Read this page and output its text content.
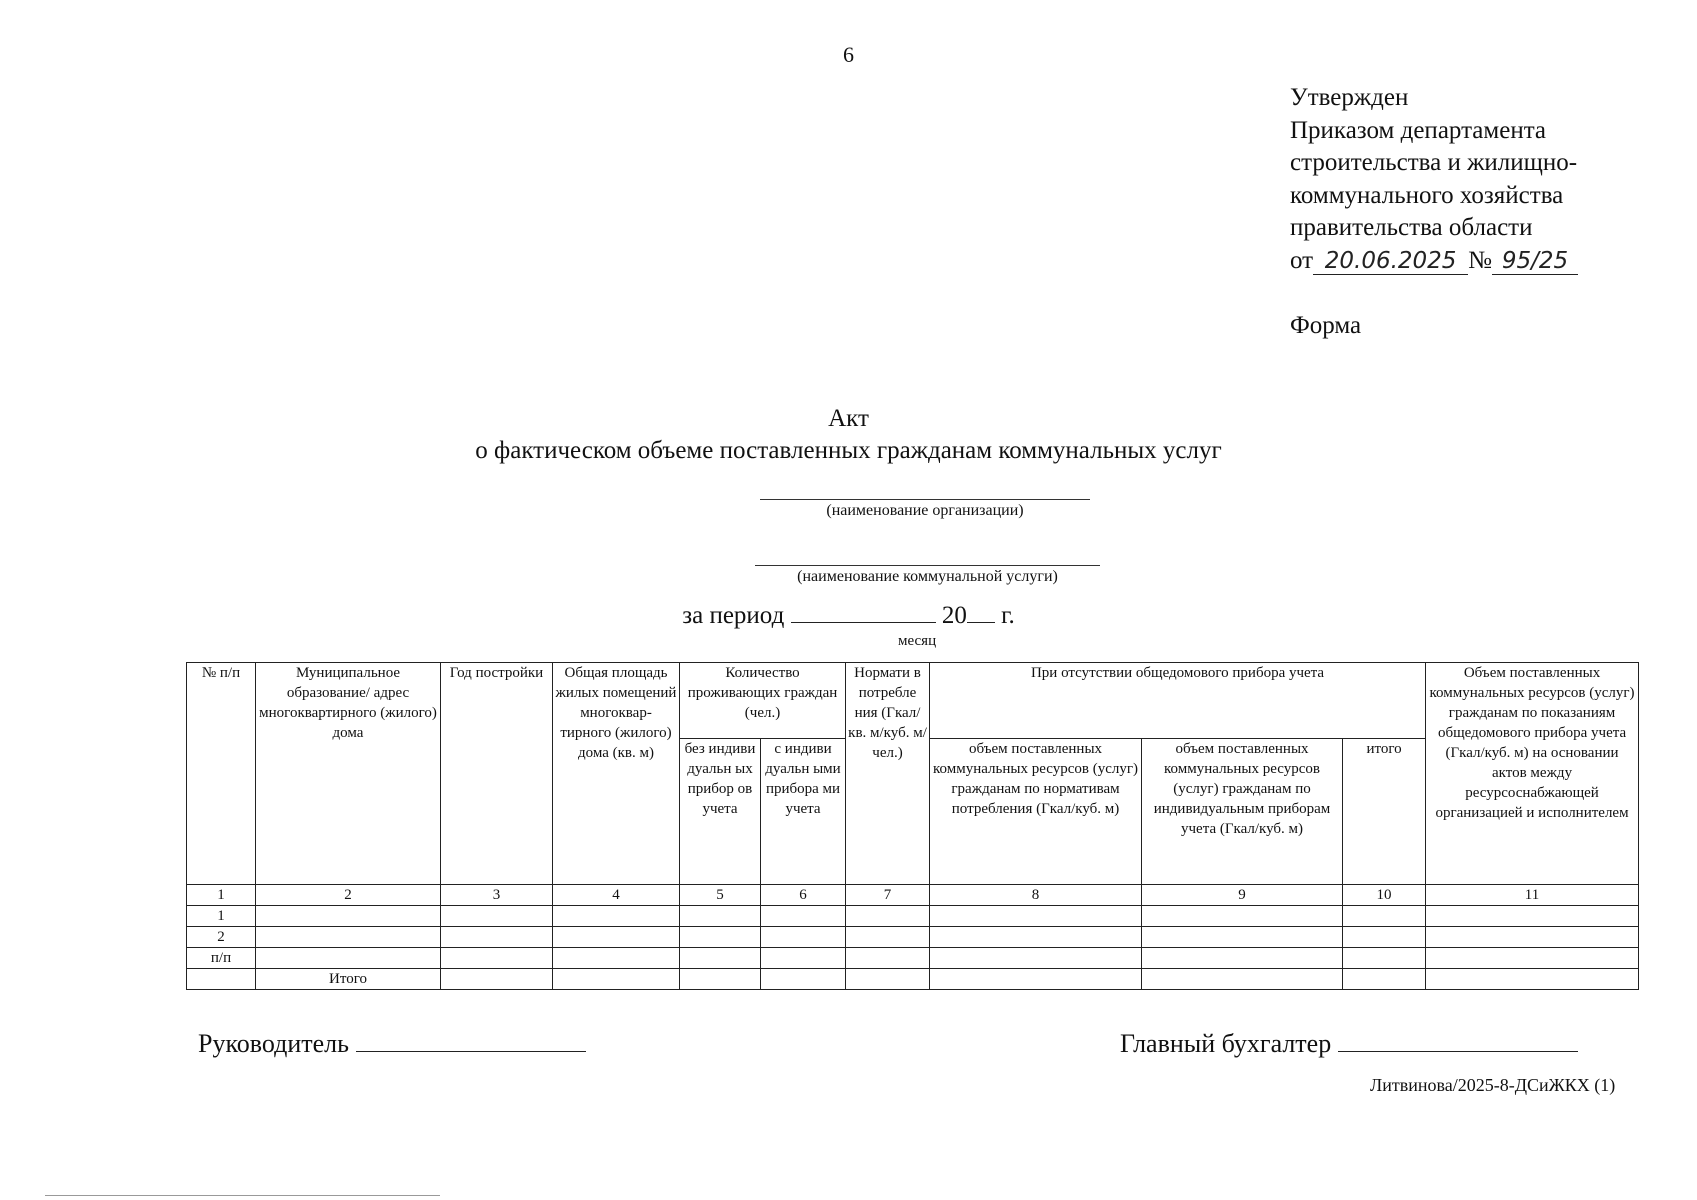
6
Утвержден
Приказом департамента
строительства и жилищно-
коммунального хозяйства
правительства области
от 20.06.2025 № 95/25
Форма
Акт
о фактическом объеме поставленных гражданам коммунальных услуг
(наименование организации)
(наименование коммунальной услуги)
за период	20 г.
месяц
№ п/п	Муниципальное образование/ адрес многоквартирного (жилого) дома	Год постройки	Общая площадь жилых помещений многоквар-тирного (жилого) дома (кв. м)	Количество проживающих граждан (чел.)		Нормати в потребле ния (Гкал/кв. м/куб. м/чел.)	При отсутствии общедомового прибора учета			Объем поставленных коммунальных ресурсов (услуг) гражданам по показаниям общедомового прибора учета (Гкал/куб. м) на основании актов между ресурсоснабжающей организацией и исполнителем
				без индиви дуальн ых прибор ов учета	с индиви дуальн ыми прибора ми учета		объем поставленных коммунальных ресурсов (услуг) гражданам по нормативам потребления (Гкал/куб. м)	объем поставленных коммунальных ресурсов (услуг) гражданам по индивидуальным приборам учета (Гкал/куб. м)	итого	
1	2	3	4	5	6	7	8	9	10	11
1										
2										
п/п										
	Итого									
Руководитель	Главный бухгалтер
Литвинова/2025-8-ДСиЖКХ (1)
